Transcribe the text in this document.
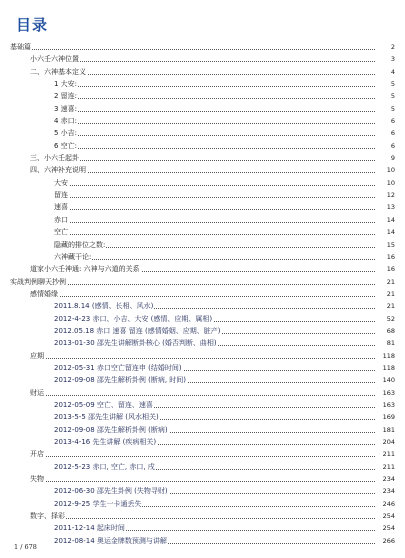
目录
基础篇	2
小六壬六神位置	3
二、六神基本定义	4
1 大安:	5
2 留连:	5
3 速喜:	5
4 赤口:	6
5 小吉:	6
6 空亡:	6
三、小六壬起卦	9
四、六神补充说明	10
大安	10
留连	12
速喜	13
赤口	14
空亡	14
隐藏的排位之数:	15
六神藏干论:	16
道家小六壬神通: 六神与六道的关系	16
实战判例聊天抄例	21
感情婚缘	21
2011.8.14 (感情、长相、风水)	21
2012-4-23 赤口、小吉、大安 (感情、应期、属相)	52
2012.05.18 赤口 速喜 留连 (感情婚姻、应期、脏产)	68
2013-01-30 邵先生讲解断卦核心 (婚否判断、曲相)	81
应期	118
2012-05-31 赤口空亡留连申 (结婚时间)	118
2012-09-08 邵先生解析卦例 (断病, 时间)	140
财运	163
2012-05-09 空亡、留连、速喜	163
2013-5-5 邵先生讲解 (风水相关)	169
2012-09-08 邵先生解析卦例 (断病)	181
2013-4-16 先生讲解 (疾病相关)	204
开店	211
2012-5-23 赤口, 空亡, 赤口, 戌	211
失物	234
2012-06-30 邵先生卦例 (失物寻财)	234
2012-9-25 学生一卡通丢失	246
数字、择彩	254
2011-12-14 起床时间	254
2012-08-14 奥运金牌数预测与讲解	266
1 / 678
